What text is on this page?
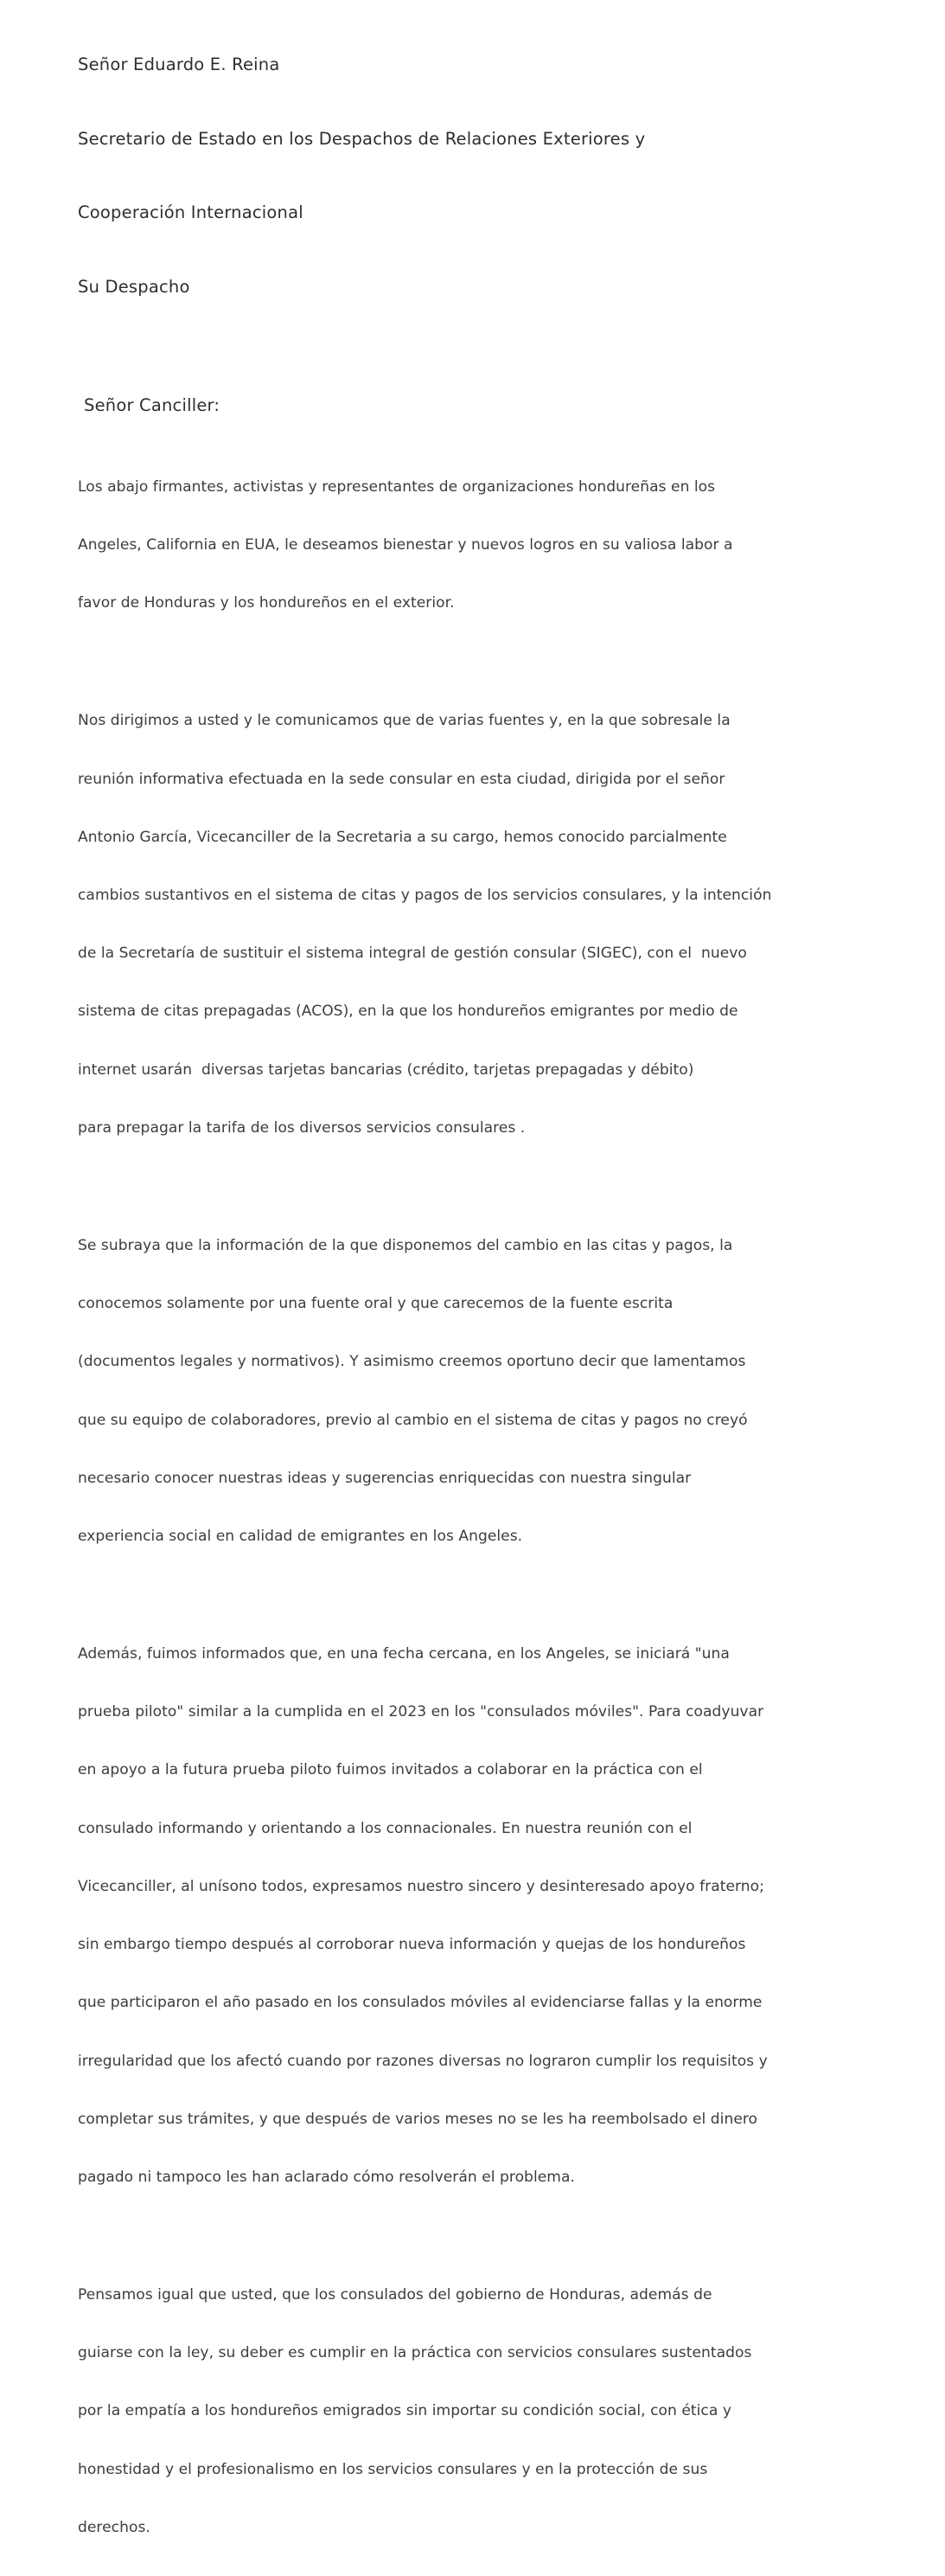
Señor Eduardo E. Reina

Secretario de Estado en los Despachos de Relaciones Exteriores y

Cooperación Internacional

Su Despacho

Señor Canciller:

Los abajo firmantes, activistas y representantes de organizaciones hondureñas en los

Angeles, California en EUA, le deseamos bienestar y nuevos logros en su valiosa labor a

favor de Honduras y los hondureños en el exterior.

Nos dirigimos a usted y le comunicamos que de varias fuentes y, en la que sobresale la

reunión informativa efectuada en la sede consular en esta ciudad, dirigida por el señor

Antonio García, Vicecanciller de la Secretaria a su cargo, hemos conocido parcialmente

cambios sustantivos en el sistema de citas y pagos de los servicios consulares, y la intención

de la Secretaría de sustituir el sistema integral de gestión consular (SIGEC), con el  nuevo

sistema de citas prepagadas (ACOS), en la que los hondureños emigrantes por medio de

internet usarán  diversas tarjetas bancarias (crédito, tarjetas prepagadas y débito)

para prepagar la tarifa de los diversos servicios consulares .

Se subraya que la información de la que disponemos del cambio en las citas y pagos, la

conocemos solamente por una fuente oral y que carecemos de la fuente escrita

(documentos legales y normativos). Y asimismo creemos oportuno decir que lamentamos

que su equipo de colaboradores, previo al cambio en el sistema de citas y pagos no creyó

necesario conocer nuestras ideas y sugerencias enriquecidas con nuestra singular

experiencia social en calidad de emigrantes en los Angeles.

Además, fuimos informados que, en una fecha cercana, en los Angeles, se iniciará "una

prueba piloto" similar a la cumplida en el 2023 en los "consulados móviles". Para coadyuvar

en apoyo a la futura prueba piloto fuimos invitados a colaborar en la práctica con el

consulado informando y orientando a los connacionales. En nuestra reunión con el

Vicecanciller, al unísono todos, expresamos nuestro sincero y desinteresado apoyo fraterno;

sin embargo tiempo después al corroborar nueva información y quejas de los hondureños

que participaron el año pasado en los consulados móviles al evidenciarse fallas y la enorme

irregularidad que los afectó cuando por razones diversas no lograron cumplir los requisitos y

completar sus trámites, y que después de varios meses no se les ha reembolsado el dinero

pagado ni tampoco les han aclarado cómo resolverán el problema.

Pensamos igual que usted, que los consulados del gobierno de Honduras, además de

guiarse con la ley, su deber es cumplir en la práctica con servicios consulares sustentados

por la empatía a los hondureños emigrados sin importar su condición social, con ética y

honestidad y el profesionalismo en los servicios consulares y en la protección de sus

derechos.
